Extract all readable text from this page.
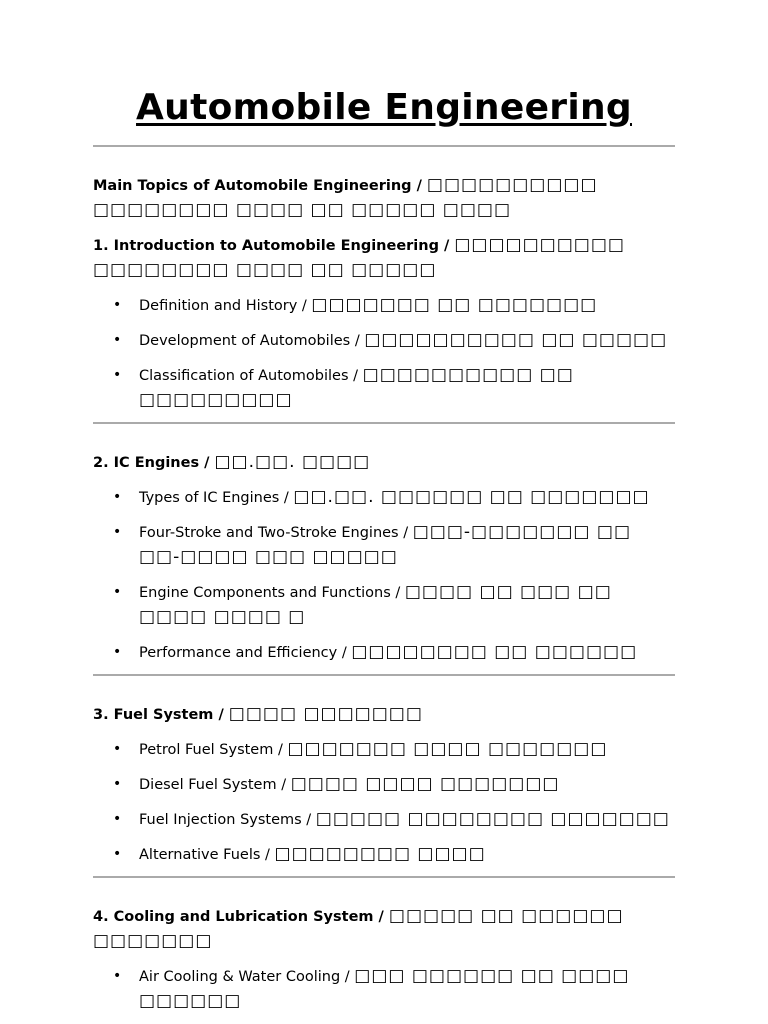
Automobile Engineering

Main Topics of Automobile Engineering / □□□□□□□□□□ □□□□□□□□ □□□□ □□ □□□□□ □□□□

1. Introduction to Automobile Engineering / □□□□□□□□□□ □□□□□□□□ □□□□ □□ □□□□□

• Definition and History / □□□□□□□ □□ □□□□□□□
• Development of Automobiles / □□□□□□□□□□ □□ □□□□□
• Classification of Automobiles / □□□□□□□□□□ □□ □□□□□□□□□

2. IC Engines / □□.□□. □□□□

• Types of IC Engines / □□.□□. □□□□□□ □□ □□□□□□□
• Four-Stroke and Two-Stroke Engines / □□□-□□□□□□□ □□ □□-□□□□ □□□ □□□□□
• Engine Components and Functions / □□□□ □□ □□□ □□ □□□□ □□□□ □
• Performance and Efficiency / □□□□□□□□ □□ □□□□□□

3. Fuel System / □□□□ □□□□□□□

• Petrol Fuel System / □□□□□□□ □□□□ □□□□□□□
• Diesel Fuel System / □□□□ □□□□ □□□□□□□
• Fuel Injection Systems / □□□□□ □□□□□□□□ □□□□□□□
• Alternative Fuels / □□□□□□□□ □□□□

4. Cooling and Lubrication System / □□□□□ □□ □□□□□□ □□□□□□□

• Air Cooling & Water Cooling / □□□ □□□□□□ □□ □□□□ □□□□□□
